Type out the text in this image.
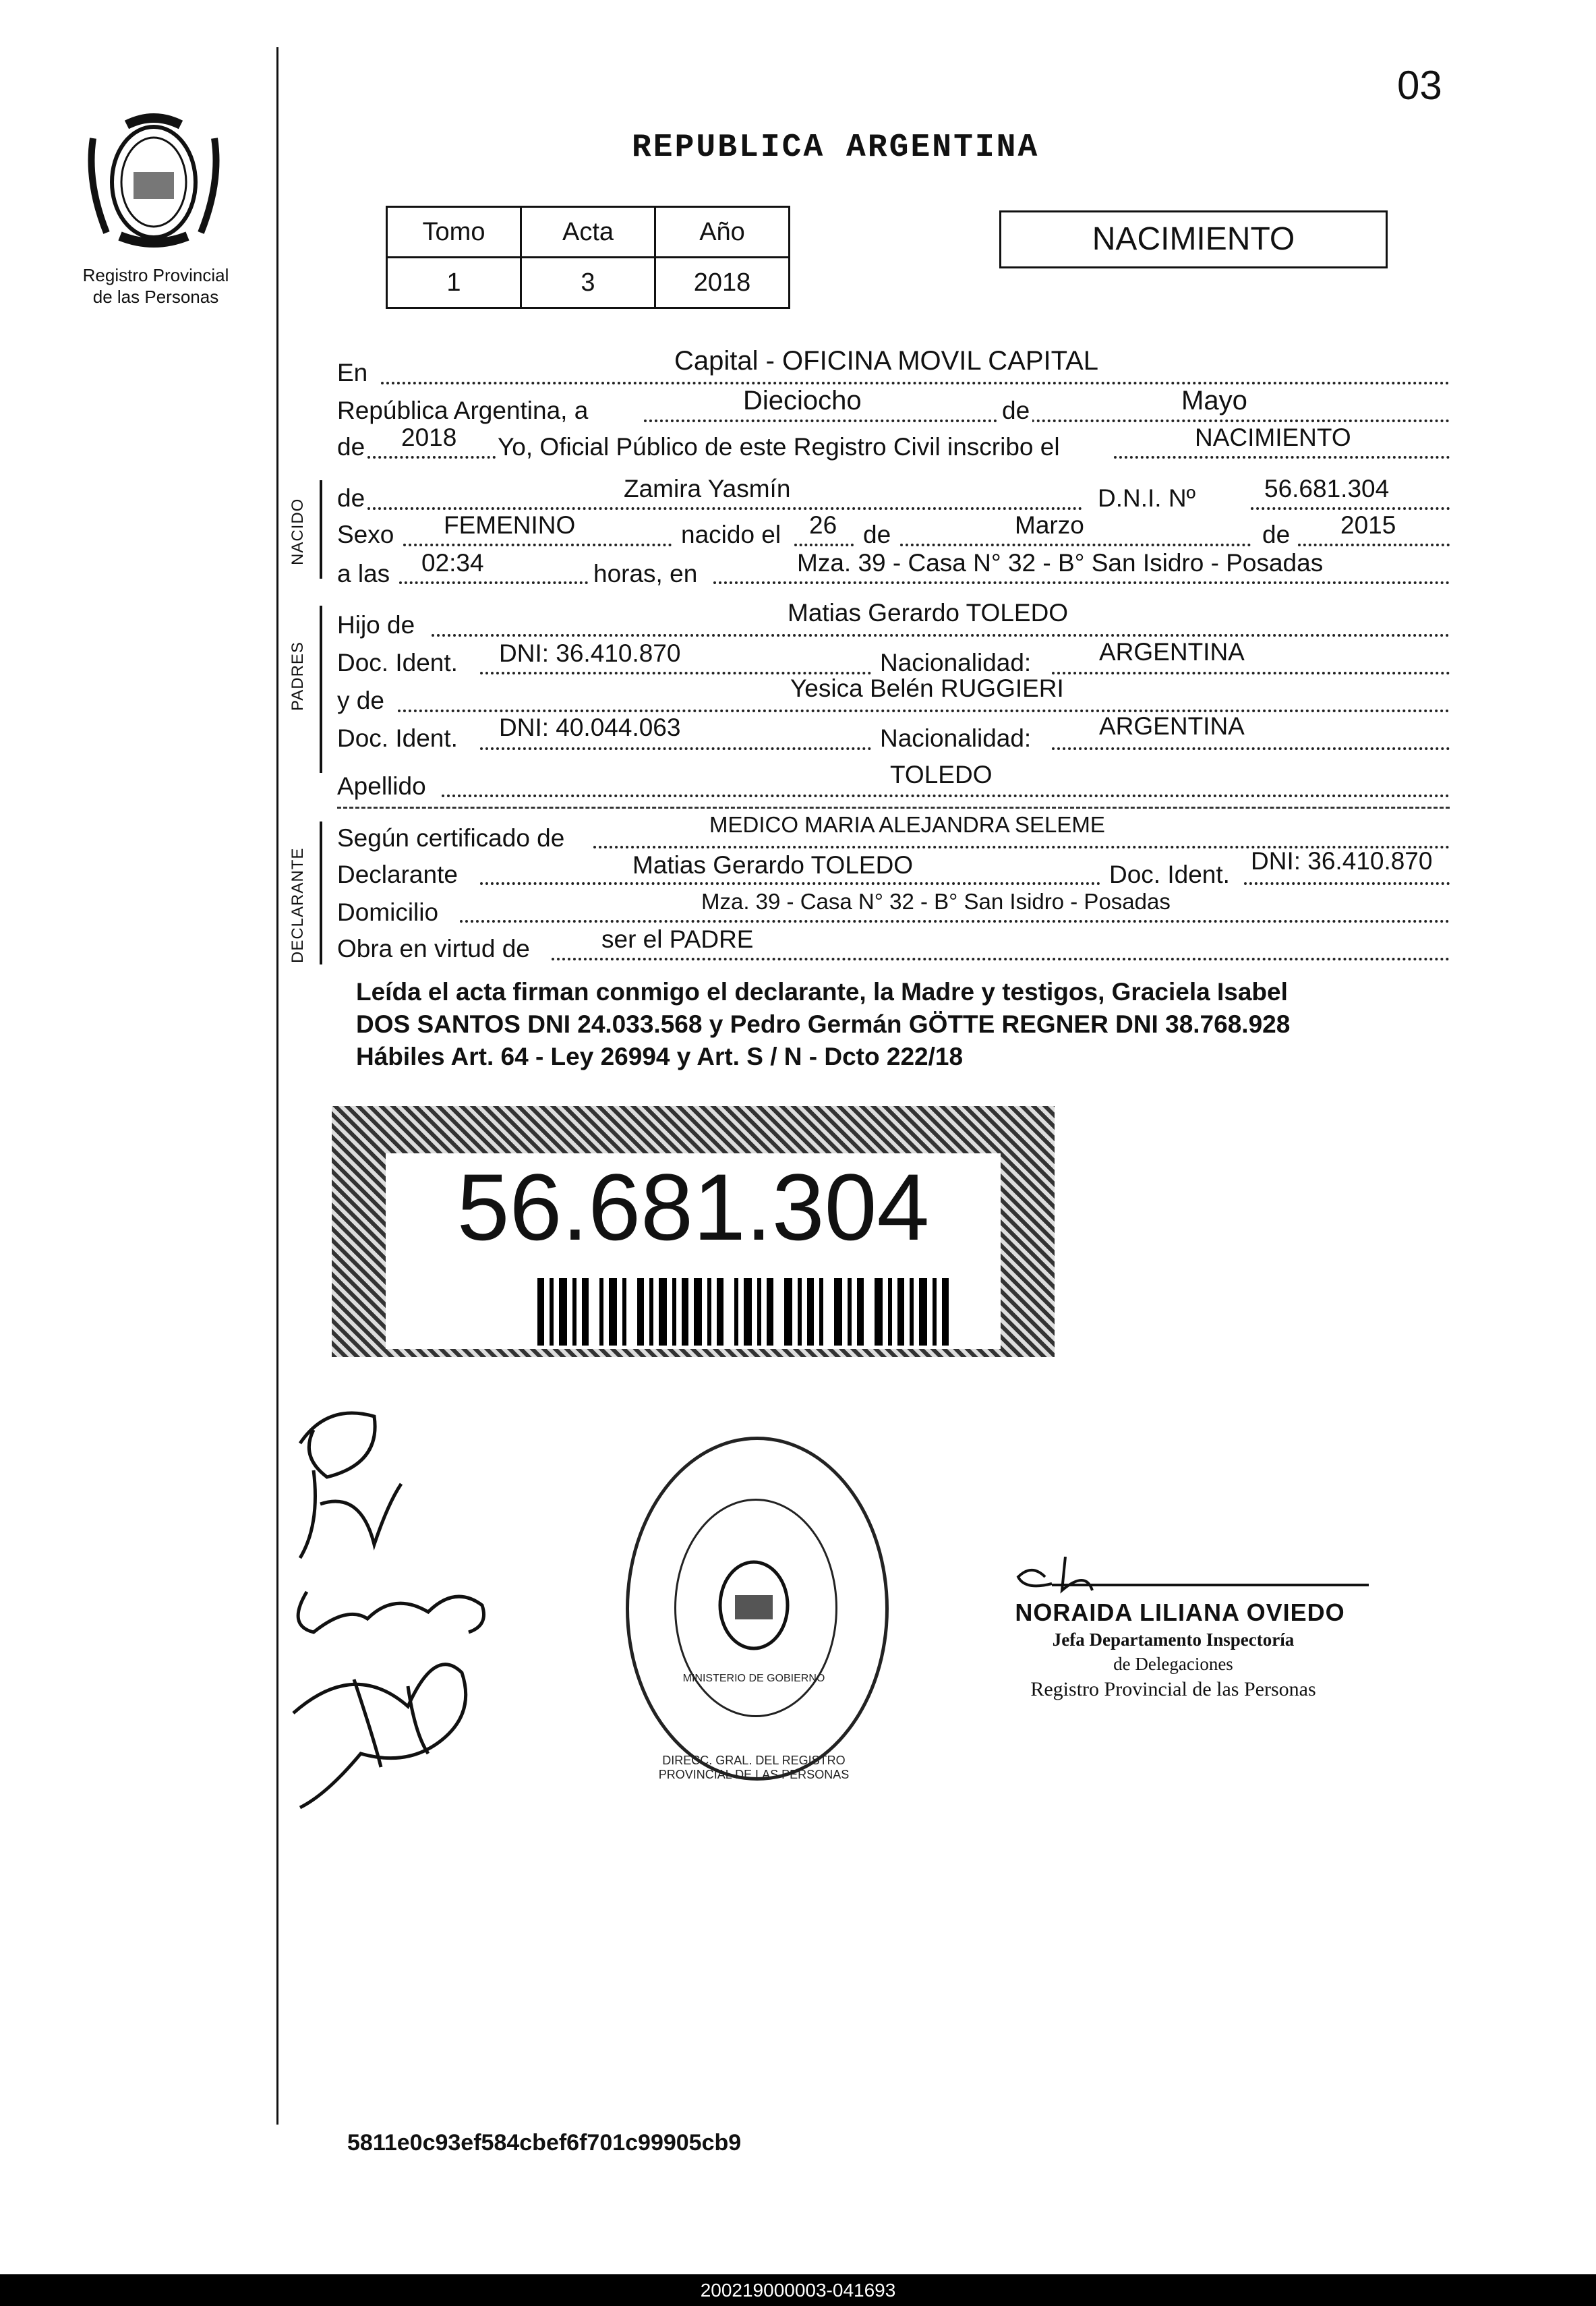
03
Registro Provincial
de las Personas
REPUBLICA ARGENTINA
Tomo	Acta	Año
1	3	2018
NACIMIENTO
En	Capital - OFICINA MOVIL CAPITAL
República Argentina, a	Dieciocho	de	Mayo
de 2018 Yo, Oficial Público de este Registro Civil inscribo el	NACIMIENTO
NACIDO
de	Zamira Yasmín	D.N.I. Nº	56.681.304
Sexo FEMENINO	nacido el 26 de	Marzo	de 2015
a las 02:34	horas, en	Mza. 39 - Casa N° 32 - B° San Isidro - Posadas
PADRES
Hijo de	Matias Gerardo TOLEDO
Doc. Ident. DNI: 36.410.870	Nacionalidad:	ARGENTINA
y de	Yesica Belén RUGGIERI
Doc. Ident. DNI: 40.044.063	Nacionalidad:	ARGENTINA
Apellido	TOLEDO
DECLARANTE
Según certificado de	MEDICO MARIA ALEJANDRA SELEME
Declarante	Matias Gerardo TOLEDO	Doc. Ident. DNI: 36.410.870
Domicilio	Mza. 39 - Casa N° 32 - B° San Isidro - Posadas
Obra en virtud de	ser el PADRE
Leída el acta firman conmigo el declarante, la Madre y testigos, Graciela Isabel
DOS SANTOS DNI 24.033.568 y Pedro Germán GÖTTE REGNER DNI 38.768.928
Hábiles Art. 64 - Ley 26994 y Art. S / N - Dcto 222/18
56.681.304
DIRECC. GRAL. DEL REGISTRO PROVINCIAL DE LAS PERSONAS
MINISTERIO DE GOBIERNO
NORAIDA LILIANA OVIEDO
Jefa Departamento Inspectoría
de Delegaciones
Registro Provincial de las Personas
5811e0c93ef584cbef6f701c99905cb9
200219000003-041693
